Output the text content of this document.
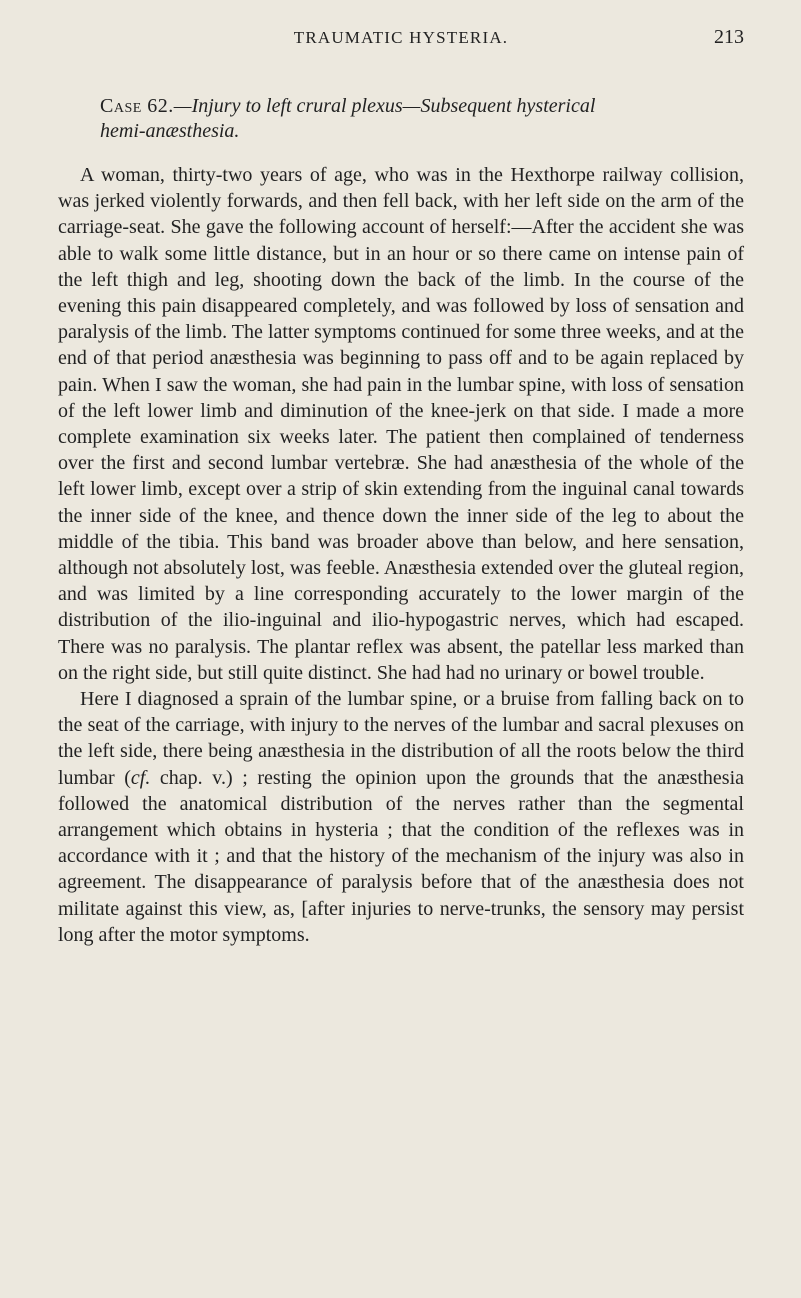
TRAUMATIC HYSTERIA.	213

Case 62.—Injury to left crural plexus—Subsequent hysterical
hemi-anæsthesia.

A woman, thirty-two years of age, who was in the Hexthorpe railway collision, was jerked violently forwards, and then fell back, with her left side on the arm of the carriage-seat. She gave the following account of herself:—After the accident she was able to walk some little distance, but in an hour or so there came on intense pain of the left thigh and leg, shooting down the back of the limb. In the course of the evening this pain disappeared completely, and was followed by loss of sensation and paralysis of the limb. The latter symptoms continued for some three weeks, and at the end of that period anæsthesia was beginning to pass off and to be again replaced by pain. When I saw the woman, she had pain in the lumbar spine, with loss of sensation of the left lower limb and diminution of the knee-jerk on that side. I made a more complete examination six weeks later. The patient then complained of tenderness over the first and second lumbar vertebræ. She had anæsthesia of the whole of the left lower limb, except over a strip of skin extending from the inguinal canal towards the inner side of the knee, and thence down the inner side of the leg to about the middle of the tibia. This band was broader above than below, and here sensation, although not absolutely lost, was feeble. Anæsthesia extended over the gluteal region, and was limited by a line corresponding accurately to the lower margin of the distribution of the ilio-inguinal and ilio-hypogastric nerves, which had escaped. There was no paralysis. The plantar reflex was absent, the patellar less marked than on the right side, but still quite distinct. She had had no urinary or bowel trouble.

Here I diagnosed a sprain of the lumbar spine, or a bruise from falling back on to the seat of the carriage, with injury to the nerves of the lumbar and sacral plexuses on the left side, there being anæsthesia in the distribution of all the roots below the third lumbar (cf. chap. v.) ; resting the opinion upon the grounds that the anæsthesia followed the anatomical distribution of the nerves rather than the segmental arrangement which obtains in hysteria ; that the condition of the reflexes was in accordance with it ; and that the history of the mechanism of the injury was also in agreement. The disappearance of paralysis before that of the anæsthesia does not militate against this view, as, [after injuries to nerve-trunks, the sensory may persist long after the motor symptoms.
